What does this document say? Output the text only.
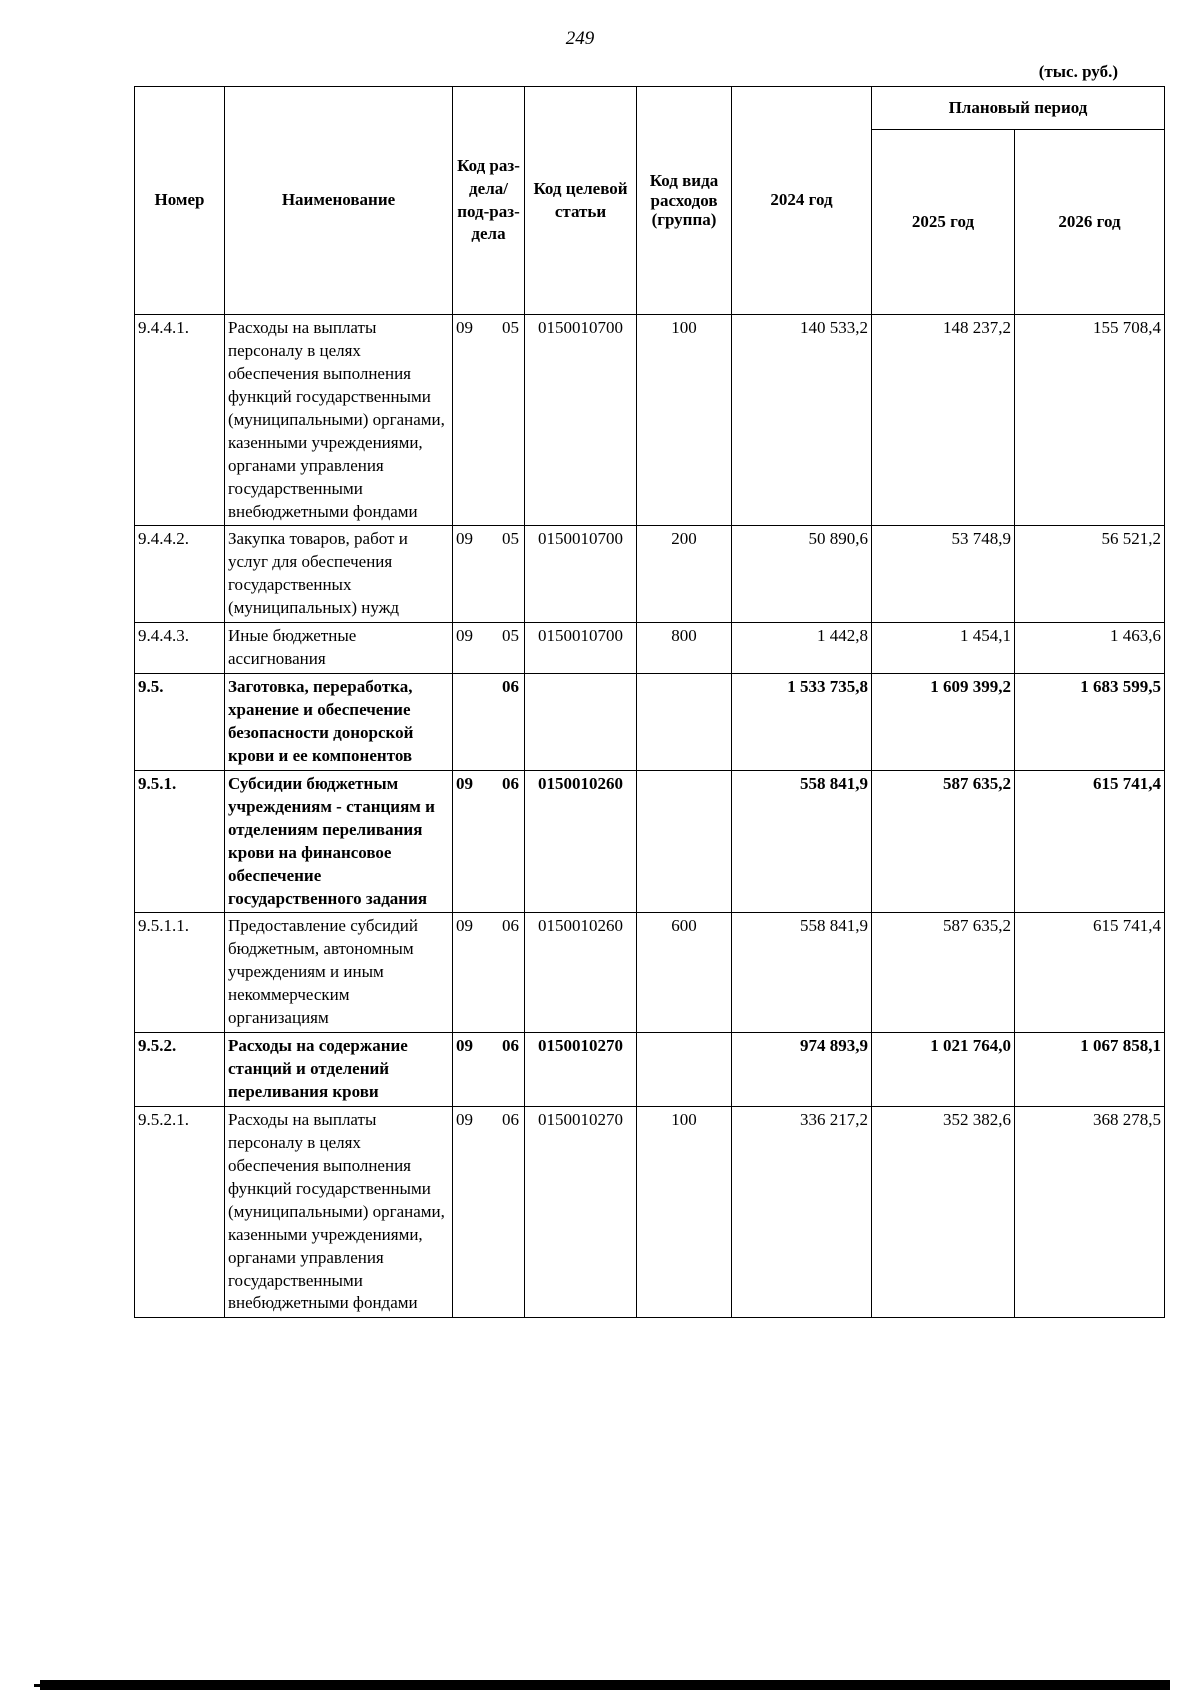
249
(тыс. руб.)
Номер	Наименование	Код раз-дела/ под-раз-дела	Код целевой статьи	Код вида расходов (группа)	2024 год	Плановый период	
						2025 год	2026 год
9.4.4.1.	Расходы на выплаты персоналу в целях обеспечения выполнения функций государственными (муниципальными) органами, казенными учреждениями, органами управления государственными внебюджетными фондами	09 05	0150010700	100	140 533,2	148 237,2	155 708,4
9.4.4.2.	Закупка товаров, работ и услуг для обеспечения государственных (муниципальных) нужд	09 05	0150010700	200	50 890,6	53 748,9	56 521,2
9.4.4.3.	Иные бюджетные ассигнования	09 05	0150010700	800	1 442,8	1 454,1	1 463,6
9.5.	Заготовка, переработка, хранение и обеспечение безопасности донорской крови и ее компонентов	06			1 533 735,8	1 609 399,2	1 683 599,5
9.5.1.	Субсидии бюджетным учреждениям - станциям и отделениям переливания крови на финансовое обеспечение государственного задания	09 06	0150010260		558 841,9	587 635,2	615 741,4
9.5.1.1.	Предоставление субсидий бюджетным, автономным учреждениям и иным некоммерческим организациям	09 06	0150010260	600	558 841,9	587 635,2	615 741,4
9.5.2.	Расходы на содержание станций и отделений переливания крови	09 06	0150010270		974 893,9	1 021 764,0	1 067 858,1
9.5.2.1.	Расходы на выплаты персоналу в целях обеспечения выполнения функций государственными (муниципальными) органами, казенными учреждениями, органами управления государственными внебюджетными фондами	09 06	0150010270	100	336 217,2	352 382,6	368 278,5
